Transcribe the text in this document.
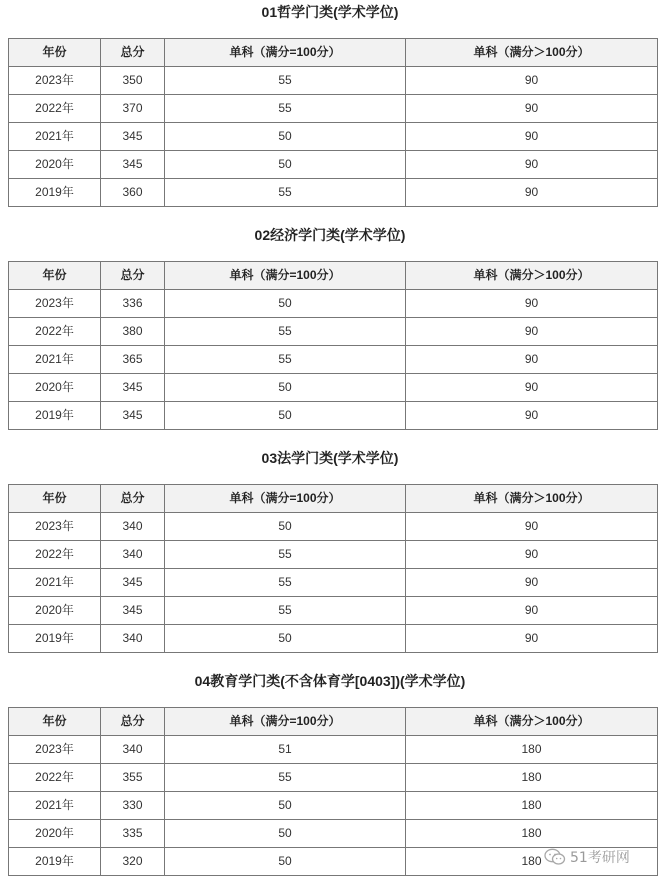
01哲学门类(学术学位)
年份	总分	单科（满分=100分）	单科（满分＞100分）
2023年	350	55	90
2022年	370	55	90
2021年	345	50	90
2020年	345	50	90
2019年	360	55	90
02经济学门类(学术学位)
年份	总分	单科（满分=100分）	单科（满分＞100分）
2023年	336	50	90
2022年	380	55	90
2021年	365	55	90
2020年	345	50	90
2019年	345	50	90
03法学门类(学术学位)
年份	总分	单科（满分=100分）	单科（满分＞100分）
2023年	340	50	90
2022年	340	55	90
2021年	345	55	90
2020年	345	55	90
2019年	340	50	90
04教育学门类(不含体育学[0403])(学术学位)
年份	总分	单科（满分=100分）	单科（满分＞100分）
2023年	340	51	180
2022年	355	55	180
2021年	330	50	180
2020年	335	50	180
2019年	320	50	180 51考研网
